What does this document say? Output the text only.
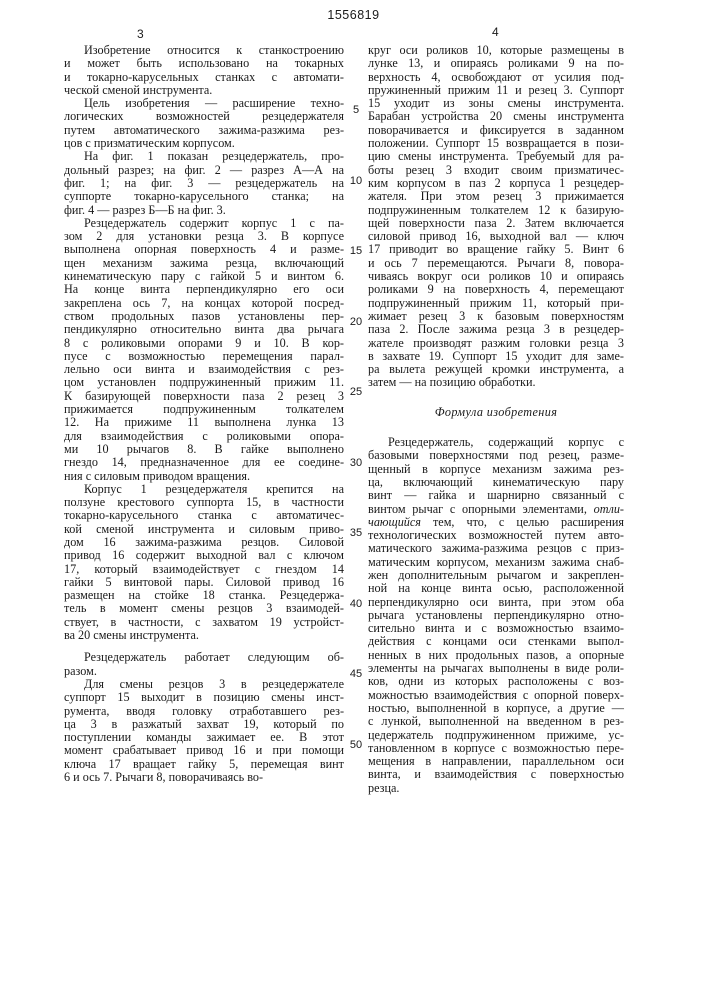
1556819
3	4
Изобретение относится к станкостроению
и может быть использовано на токарных
и токарно-карусельных станках с автомати-
ческой сменой инструмента.
Цель изобретения — расширение техно-
логических возможностей резцедержателя
путем автоматического зажима-разжима рез-
цов с призматическим корпусом.
На фиг. 1 показан резцедержатель, про-
дольный разрез; на фиг. 2 — разрез А—А на
фиг. 1; на фиг. 3 — резцедержатель на
суппорте токарно-карусельного станка; на
фиг. 4 — разрез Б—Б на фиг. 3.
Резцедержатель содержит корпус 1 с па-
зом 2 для установки резца 3. В корпусе
выполнена опорная поверхность 4 и разме-
щен механизм зажима резца, включающий
кинематическую пару с гайкой 5 и винтом 6.
На конце винта перпендикулярно его оси
закреплена ось 7, на концах которой посред-
ством продольных пазов установлены пер-
пендикулярно относительно винта два рычага
8 с роликовыми опорами 9 и 10. В кор-
пусе с возможностью перемещения парал-
лельно оси винта и взаимодействия с рез-
цом установлен подпружиненный прижим 11.
К базирующей поверхности паза 2 резец 3
прижимается подпружиненным толкателем
12. На прижиме 11 выполнена лунка 13
для взаимодействия с роликовыми опора-
ми 10 рычагов 8. В гайке выполнено
гнездо 14, предназначенное для ее соедине-
ния с силовым приводом вращения.
Корпус 1 резцедержателя крепится на
ползуне крестового суппорта 15, в частности
токарно-карусельного станка с автоматичес-
кой сменой инструмента и силовым приво-
дом 16 зажима-разжима резцов. Силовой
привод 16 содержит выходной вал с ключом
17, который взаимодействует с гнездом 14
гайки 5 винтовой пары. Силовой привод 16
размещен на стойке 18 станка. Резцедержа-
тель в момент смены резцов 3 взаимодей-
ствует, в частности, с захватом 19 устройст-
ва 20 смены инструмента.
Резцедержатель работает следующим об-
разом.
Для смены резцов 3 в резцедержателе
суппорт 15 выходит в позицию смены инст-
румента, вводя головку отработавшего рез-
ца 3 в разжатый захват 19, который по
поступлении команды зажимает ее. В этот
момент срабатывает привод 16 и при помощи
ключа 17 вращает гайку 5, перемещая винт
6 и ось 7. Рычаги 8, поворачиваясь во-
круг оси роликов 10, которые размещены в
лунке 13, и опираясь роликами 9 на по-
верхность 4, освобождают от усилия под-
пружиненный прижим 11 и резец 3. Суппорт
15 уходит из зоны смены инструмента.
Барабан устройства 20 смены инструмента
поворачивается и фиксируется в заданном
положении. Суппорт 15 возвращается в пози-
цию смены инструмента. Требуемый для ра-
боты резец 3 входит своим призматичес-
ким корпусом в паз 2 корпуса 1 резцедер-
жателя. При этом резец 3 прижимается
подпружиненным толкателем 12 к базирую-
щей поверхности паза 2. Затем включается
силовой привод 16, выходной вал — ключ
17 приводит во вращение гайку 5. Винт 6
и ось 7 перемещаются. Рычаги 8, повора-
чиваясь вокруг оси роликов 10 и опираясь
роликами 9 на поверхность 4, перемещают
подпружиненный прижим 11, который при-
жимает резец 3 к базовым поверхностям
паза 2. После зажима резца 3 в резцедер-
жателе производят разжим головки резца 3
в захвате 19. Суппорт 15 уходит для заме-
ра вылета режущей кромки инструмента, а
затем — на позицию обработки.
Формула изобретения
Резцедержатель, содержащий корпус с
базовыми поверхностями под резец, разме-
щенный в корпусе механизм зажима рез-
ца, включающий кинематическую пару
винт — гайка и шарнирно связанный с
винтом рычаг с опорными элементами, отли-
чающийся тем, что, с целью расширения
технологических возможностей путем авто-
матического зажима-разжима резцов с приз-
матическим корпусом, механизм зажима снаб-
жен дополнительным рычагом и закреплен-
ной на конце винта осью, расположенной
перпендикулярно оси винта, при этом оба
рычага установлены перпендикулярно отно-
сительно винта и с возможностью взаимо-
действия с концами оси стенками выпол-
ненных в них продольных пазов, а опорные
элементы на рычагах выполнены в виде роли-
ков, одни из которых расположены с воз-
можностью взаимодействия с опорной поверх-
ностью, выполненной в корпусе, а другие —
с лункой, выполненной на введенном в рез-
цедержатель подпружиненном прижиме, ус-
тановленном в корпусе с возможностью пере-
мещения в направлении, параллельном оси
винта, и взаимодействия с поверхностью
резца.
5
10
15
20
25
30
35
40
45
50
